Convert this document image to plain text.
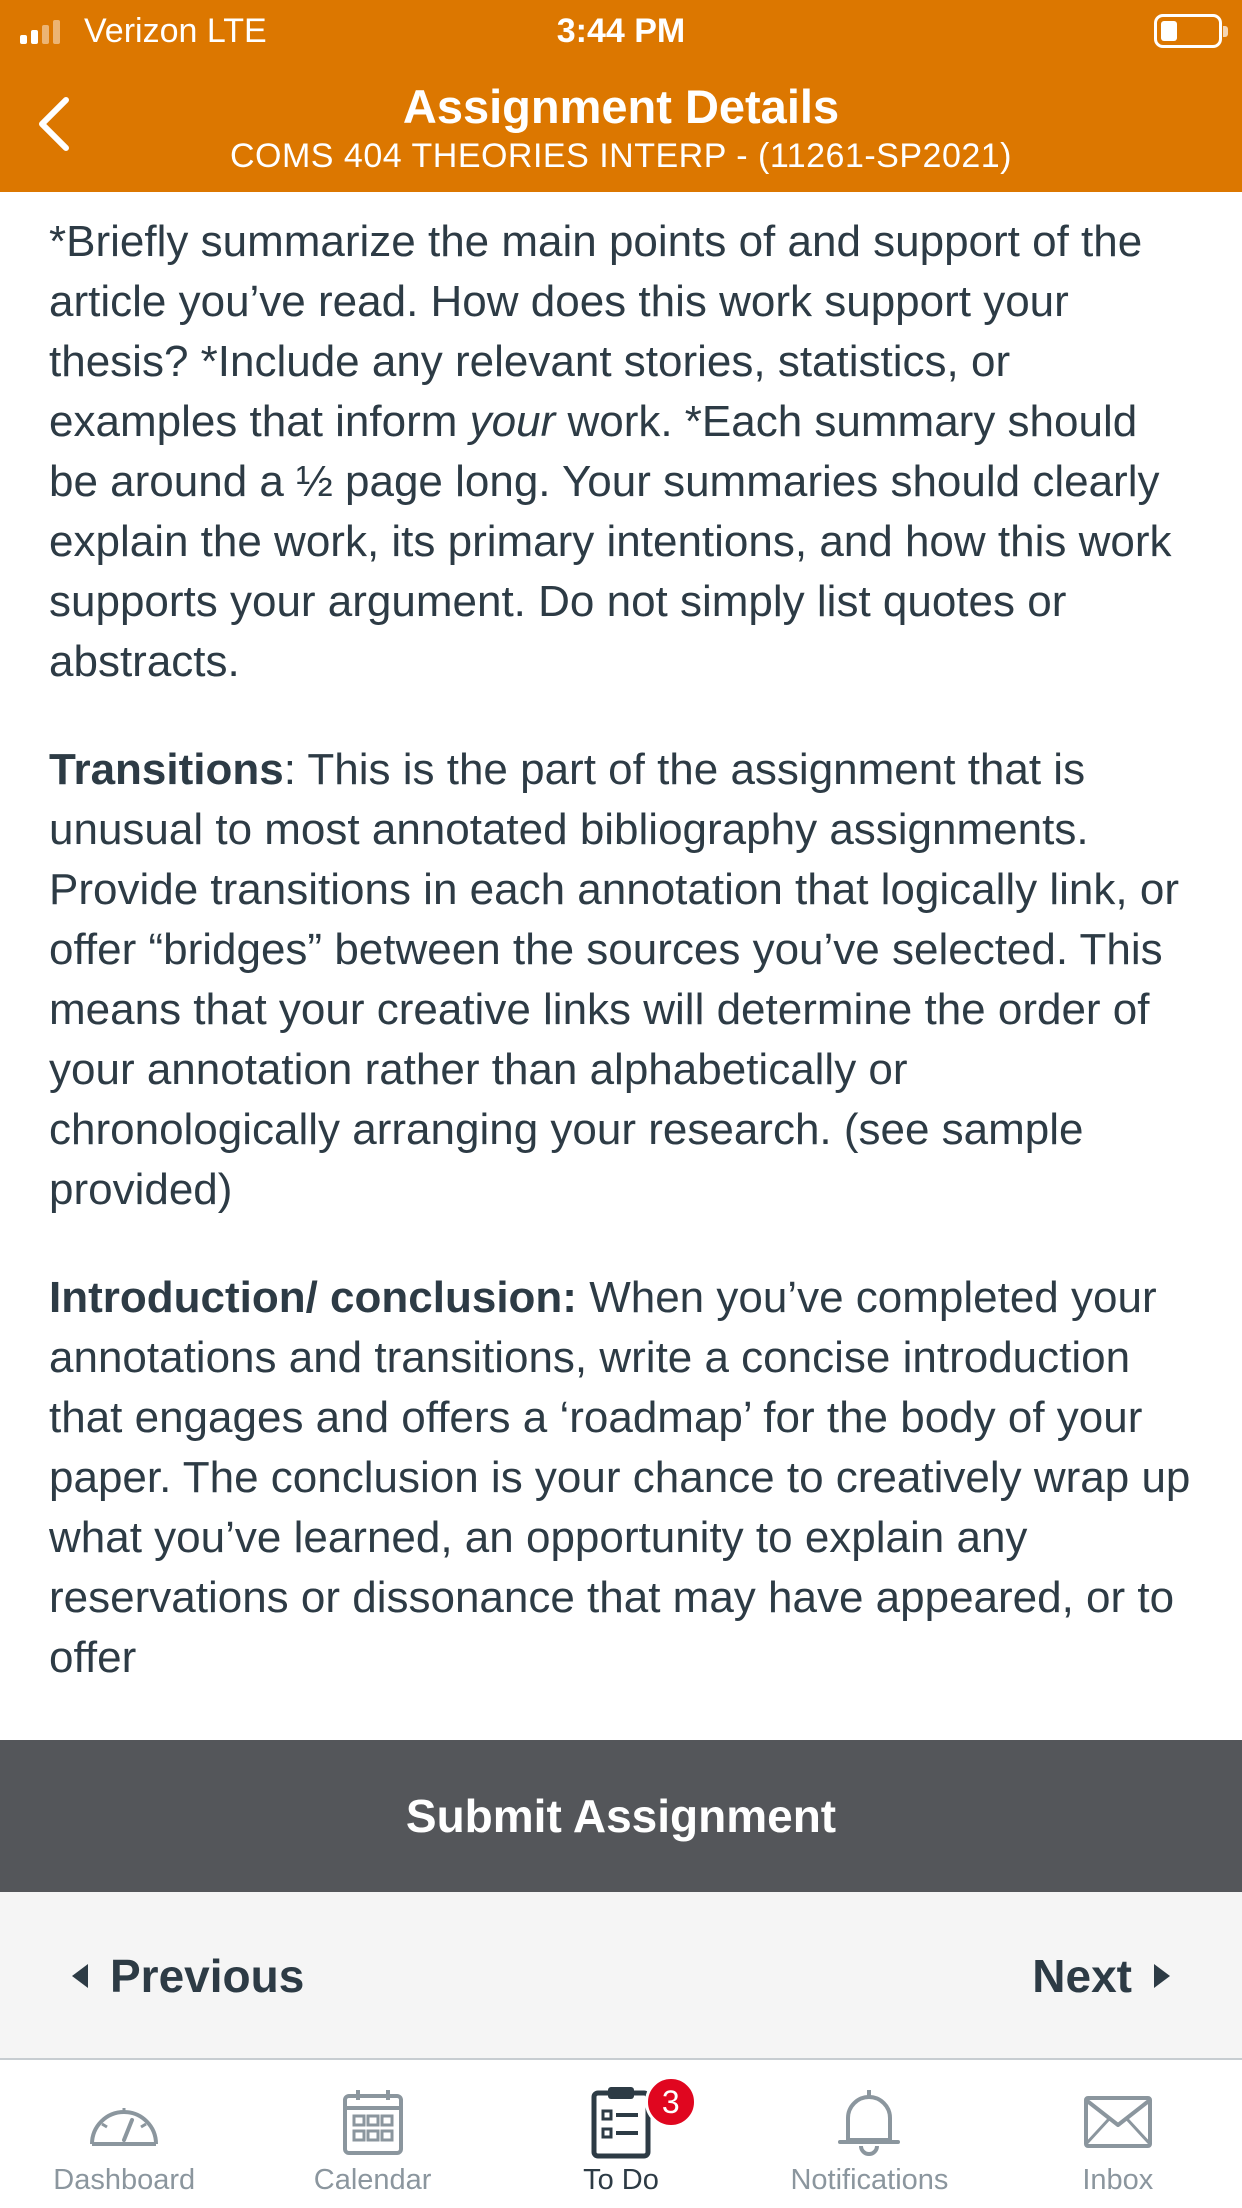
Verizon LTE	3:44 PM
Assignment Details
COMS 404 THEORIES INTERP - (11261-SP2021)

*Briefly summarize the main points of and support of the article you’ve read. How does this work support your thesis? *Include any relevant stories, statistics, or examples that inform your work. *Each summary should be around a ½ page long. Your summaries should clearly explain the work, its primary intentions, and how this work supports your argument. Do not simply list quotes or abstracts.

Transitions: This is the part of the assignment that is unusual to most annotated bibliography assignments. Provide transitions in each annotation that logically link, or offer “bridges” between the sources you’ve selected. This means that your creative links will determine the order of your annotation rather than alphabetically or chronologically arranging your research. (see sample provided)

Introduction/ conclusion: When you’ve completed your annotations and transitions, write a concise introduction that engages and offers a ‘roadmap’ for the body of your paper. The conclusion is your chance to creatively wrap up what you’ve learned, an opportunity to explain any reservations or dissonance that may have appeared, or to offer

Submit Assignment
Previous	Next
Dashboard	Calendar
3
To Do	Notifications	Inbox
